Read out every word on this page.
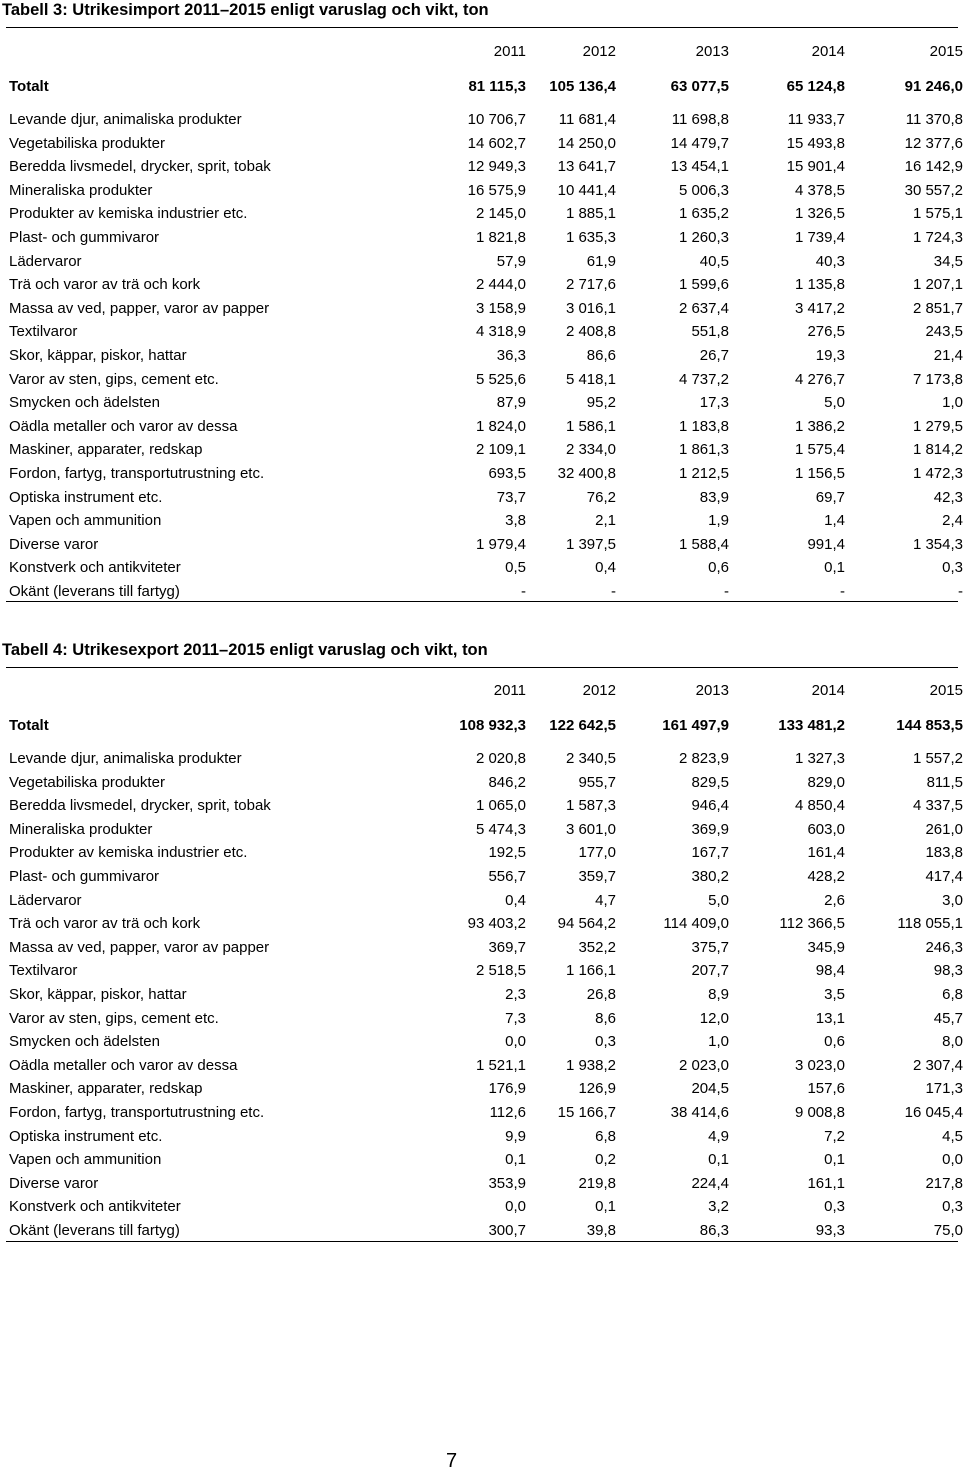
Tabell 3: Utrikesimport 2011–2015 enligt varuslag och vikt, ton
2011	2012	2013	2014	2015
Totalt	81 115,3	105 136,4	63 077,5	65 124,8	91 246,0
Levande djur, animaliska produkter	10 706,7	11 681,4	11 698,8	11 933,7	11 370,8
Vegetabiliska produkter	14 602,7	14 250,0	14 479,7	15 493,8	12 377,6
Beredda livsmedel, drycker, sprit, tobak	12 949,3	13 641,7	13 454,1	15 901,4	16 142,9
Mineraliska produkter	16 575,9	10 441,4	5 006,3	4 378,5	30 557,2
Produkter av kemiska industrier etc.	2 145,0	1 885,1	1 635,2	1 326,5	1 575,1
Plast- och gummivaror	1 821,8	1 635,3	1 260,3	1 739,4	1 724,3
Lädervaror	57,9	61,9	40,5	40,3	34,5
Trä och varor av trä och kork	2 444,0	2 717,6	1 599,6	1 135,8	1 207,1
Massa av ved, papper, varor av papper	3 158,9	3 016,1	2 637,4	3 417,2	2 851,7
Textilvaror	4 318,9	2 408,8	551,8	276,5	243,5
Skor, käppar, piskor, hattar	36,3	86,6	26,7	19,3	21,4
Varor av sten, gips, cement etc.	5 525,6	5 418,1	4 737,2	4 276,7	7 173,8
Smycken och ädelsten	87,9	95,2	17,3	5,0	1,0
Oädla metaller och varor av dessa	1 824,0	1 586,1	1 183,8	1 386,2	1 279,5
Maskiner, apparater, redskap	2 109,1	2 334,0	1 861,3	1 575,4	1 814,2
Fordon, fartyg, transportutrustning etc.	693,5	32 400,8	1 212,5	1 156,5	1 472,3
Optiska instrument etc.	73,7	76,2	83,9	69,7	42,3
Vapen och ammunition	3,8	2,1	1,9	1,4	2,4
Diverse varor	1 979,4	1 397,5	1 588,4	991,4	1 354,3
Konstverk och antikviteter	0,5	0,4	0,6	0,1	0,3
Okänt (leverans till fartyg)	-	-	-	-	-
Tabell 4: Utrikesexport 2011–2015 enligt varuslag och vikt, ton
2011	2012	2013	2014	2015
Totalt	108 932,3	122 642,5	161 497,9	133 481,2	144 853,5
Levande djur, animaliska produkter	2 020,8	2 340,5	2 823,9	1 327,3	1 557,2
Vegetabiliska produkter	846,2	955,7	829,5	829,0	811,5
Beredda livsmedel, drycker, sprit, tobak	1 065,0	1 587,3	946,4	4 850,4	4 337,5
Mineraliska produkter	5 474,3	3 601,0	369,9	603,0	261,0
Produkter av kemiska industrier etc.	192,5	177,0	167,7	161,4	183,8
Plast- och gummivaror	556,7	359,7	380,2	428,2	417,4
Lädervaror	0,4	4,7	5,0	2,6	3,0
Trä och varor av trä och kork	93 403,2	94 564,2	114 409,0	112 366,5	118 055,1
Massa av ved, papper, varor av papper	369,7	352,2	375,7	345,9	246,3
Textilvaror	2 518,5	1 166,1	207,7	98,4	98,3
Skor, käppar, piskor, hattar	2,3	26,8	8,9	3,5	6,8
Varor av sten, gips, cement etc.	7,3	8,6	12,0	13,1	45,7
Smycken och ädelsten	0,0	0,3	1,0	0,6	8,0
Oädla metaller och varor av dessa	1 521,1	1 938,2	2 023,0	3 023,0	2 307,4
Maskiner, apparater, redskap	176,9	126,9	204,5	157,6	171,3
Fordon, fartyg, transportutrustning etc.	112,6	15 166,7	38 414,6	9 008,8	16 045,4
Optiska instrument etc.	9,9	6,8	4,9	7,2	4,5
Vapen och ammunition	0,1	0,2	0,1	0,1	0,0
Diverse varor	353,9	219,8	224,4	161,1	217,8
Konstverk och antikviteter	0,0	0,1	3,2	0,3	0,3
Okänt (leverans till fartyg)	300,7	39,8	86,3	93,3	75,0
7
